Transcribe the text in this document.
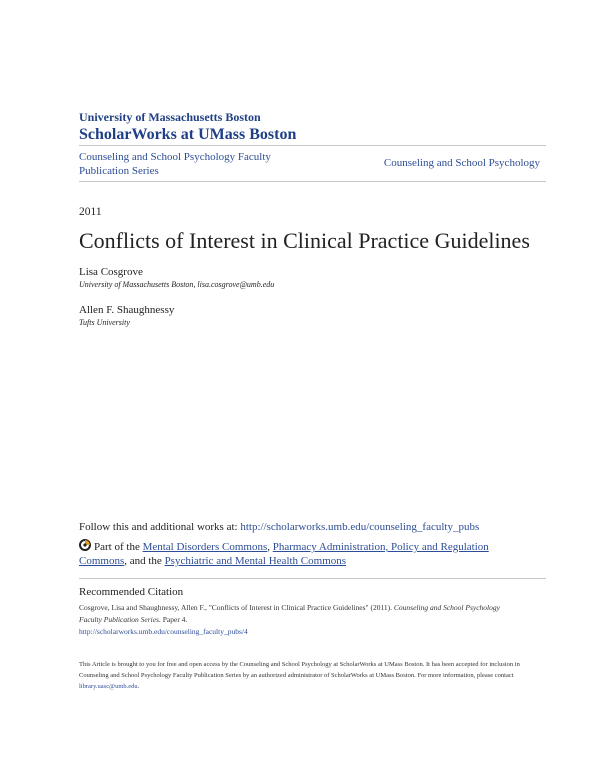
University of Massachusetts Boston
ScholarWorks at UMass Boston
Counseling and School Psychology Faculty Publication Series
Counseling and School Psychology
2011
Conflicts of Interest in Clinical Practice Guidelines
Lisa Cosgrove
University of Massachusetts Boston, lisa.cosgrove@umb.edu
Allen F. Shaughnessy
Tufts University
Follow this and additional works at: http://scholarworks.umb.edu/counseling_faculty_pubs
Part of the Mental Disorders Commons, Pharmacy Administration, Policy and Regulation Commons, and the Psychiatric and Mental Health Commons
Recommended Citation
Cosgrove, Lisa and Shaughnessy, Allen F., "Conflicts of Interest in Clinical Practice Guidelines" (2011). Counseling and School Psychology Faculty Publication Series. Paper 4.
http://scholarworks.umb.edu/counseling_faculty_pubs/4
This Article is brought to you for free and open access by the Counseling and School Psychology at ScholarWorks at UMass Boston. It has been accepted for inclusion in Counseling and School Psychology Faculty Publication Series by an authorized administrator of ScholarWorks at UMass Boston. For more information, please contact library.uasc@umb.edu.
